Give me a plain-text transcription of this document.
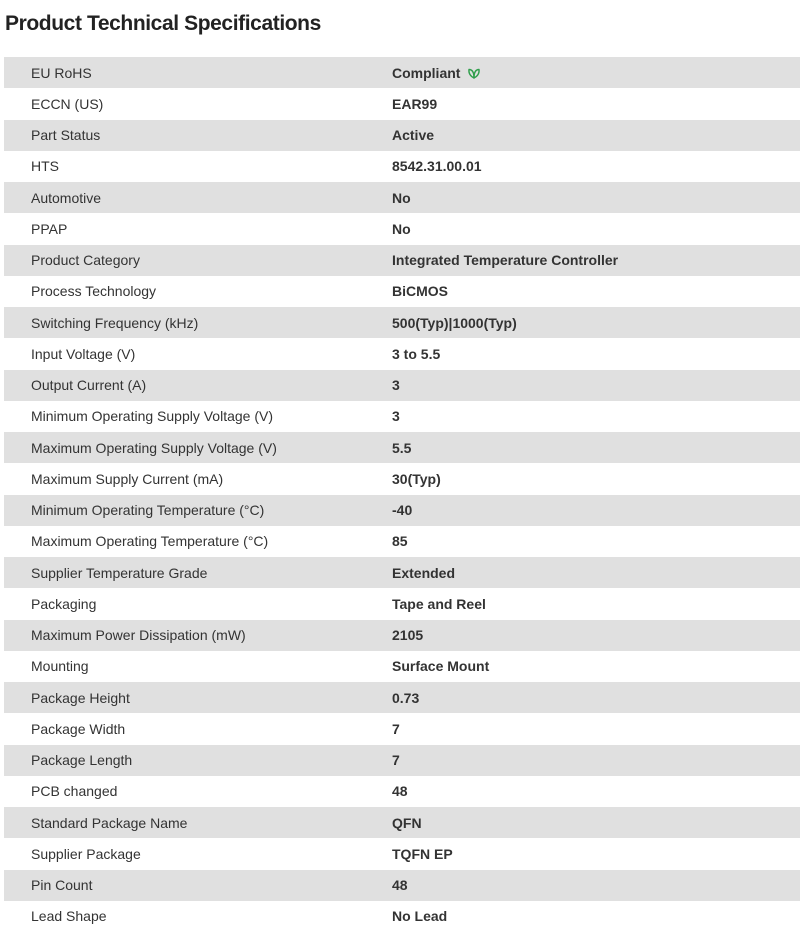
Product Technical Specifications
EU RoHS	Compliant
ECCN (US)	EAR99
Part Status	Active
HTS	8542.31.00.01
Automotive	No
PPAP	No
Product Category	Integrated Temperature Controller
Process Technology	BiCMOS
Switching Frequency (kHz)	500(Typ)|1000(Typ)
Input Voltage (V)	3 to 5.5
Output Current (A)	3
Minimum Operating Supply Voltage (V)	3
Maximum Operating Supply Voltage (V)	5.5
Maximum Supply Current (mA)	30(Typ)
Minimum Operating Temperature (°C)	-40
Maximum Operating Temperature (°C)	85
Supplier Temperature Grade	Extended
Packaging	Tape and Reel
Maximum Power Dissipation (mW)	2105
Mounting	Surface Mount
Package Height	0.73
Package Width	7
Package Length	7
PCB changed	48
Standard Package Name	QFN
Supplier Package	TQFN EP
Pin Count	48
Lead Shape	No Lead
